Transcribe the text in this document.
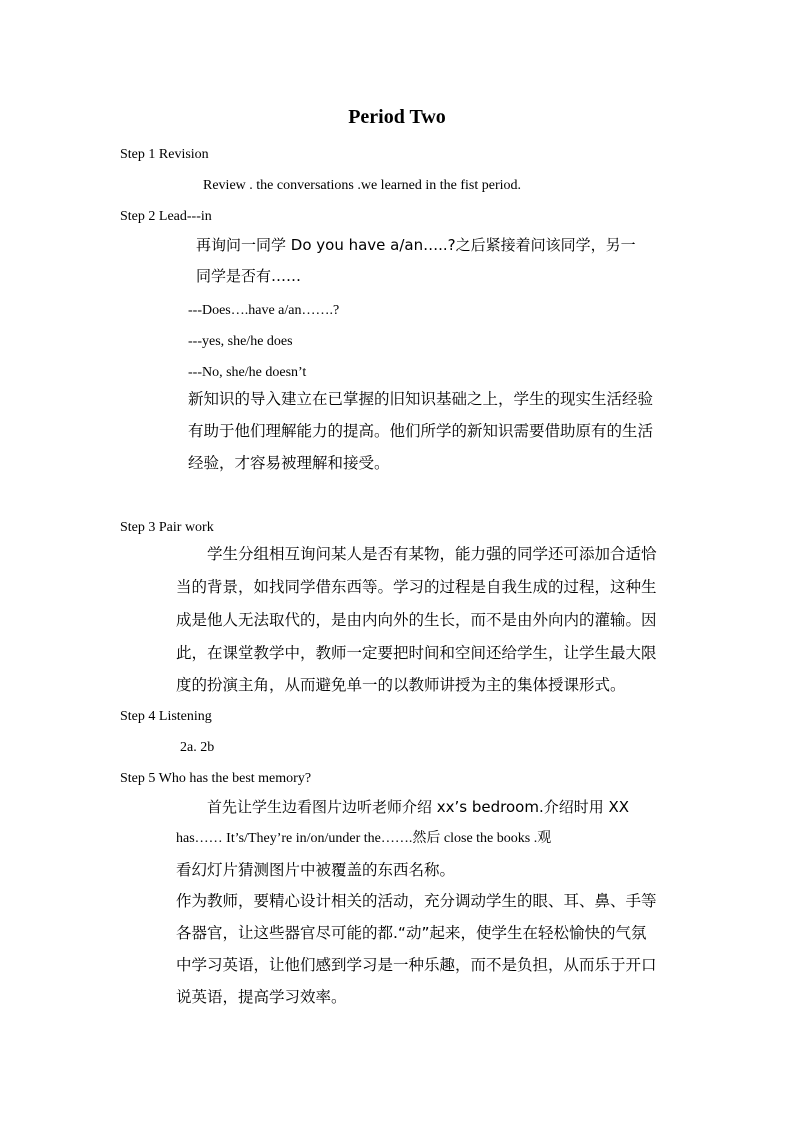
Period Two
Step 1 Revision
Review . the conversations .we learned in the fist period.
Step 2 Lead---in
再询问一同学 Do you have a/an…..?之后紧接着问该同学，另一
同学是否有……
---Does….have a/an…….?
---yes, she/he does
---No, she/he doesn’t
新知识的导入建立在已掌握的旧知识基础之上，学生的现实生活经验
有助于他们理解能力的提高。他们所学的新知识需要借助原有的生活
经验，才容易被理解和接受。
Step 3 Pair work
学生分组相互询问某人是否有某物，能力强的同学还可添加合适恰
当的背景，如找同学借东西等。学习的过程是自我生成的过程，这种生
成是他人无法取代的，是由内向外的生长，而不是由外向内的灌输。因
此，在课堂教学中，教师一定要把时间和空间还给学生，让学生最大限
度的扮演主角，从而避免单一的以教师讲授为主的集体授课形式。
Step 4 Listening
2a. 2b
Step 5 Who has the best memory?
首先让学生边看图片边听老师介绍 xx’s bedroom.介绍时用 XX
has…… It’s/They’re in/on/under the…….然后 close the books .观
看幻灯片猜测图片中被覆盖的东西名称。
作为教师，要精心设计相关的活动，充分调动学生的眼、耳、鼻、手等
各器官，让这些器官尽可能的都.“动”起来，使学生在轻松愉快的气氛
中学习英语，让他们感到学习是一种乐趣，而不是负担，从而乐于开口
说英语，提高学习效率。
